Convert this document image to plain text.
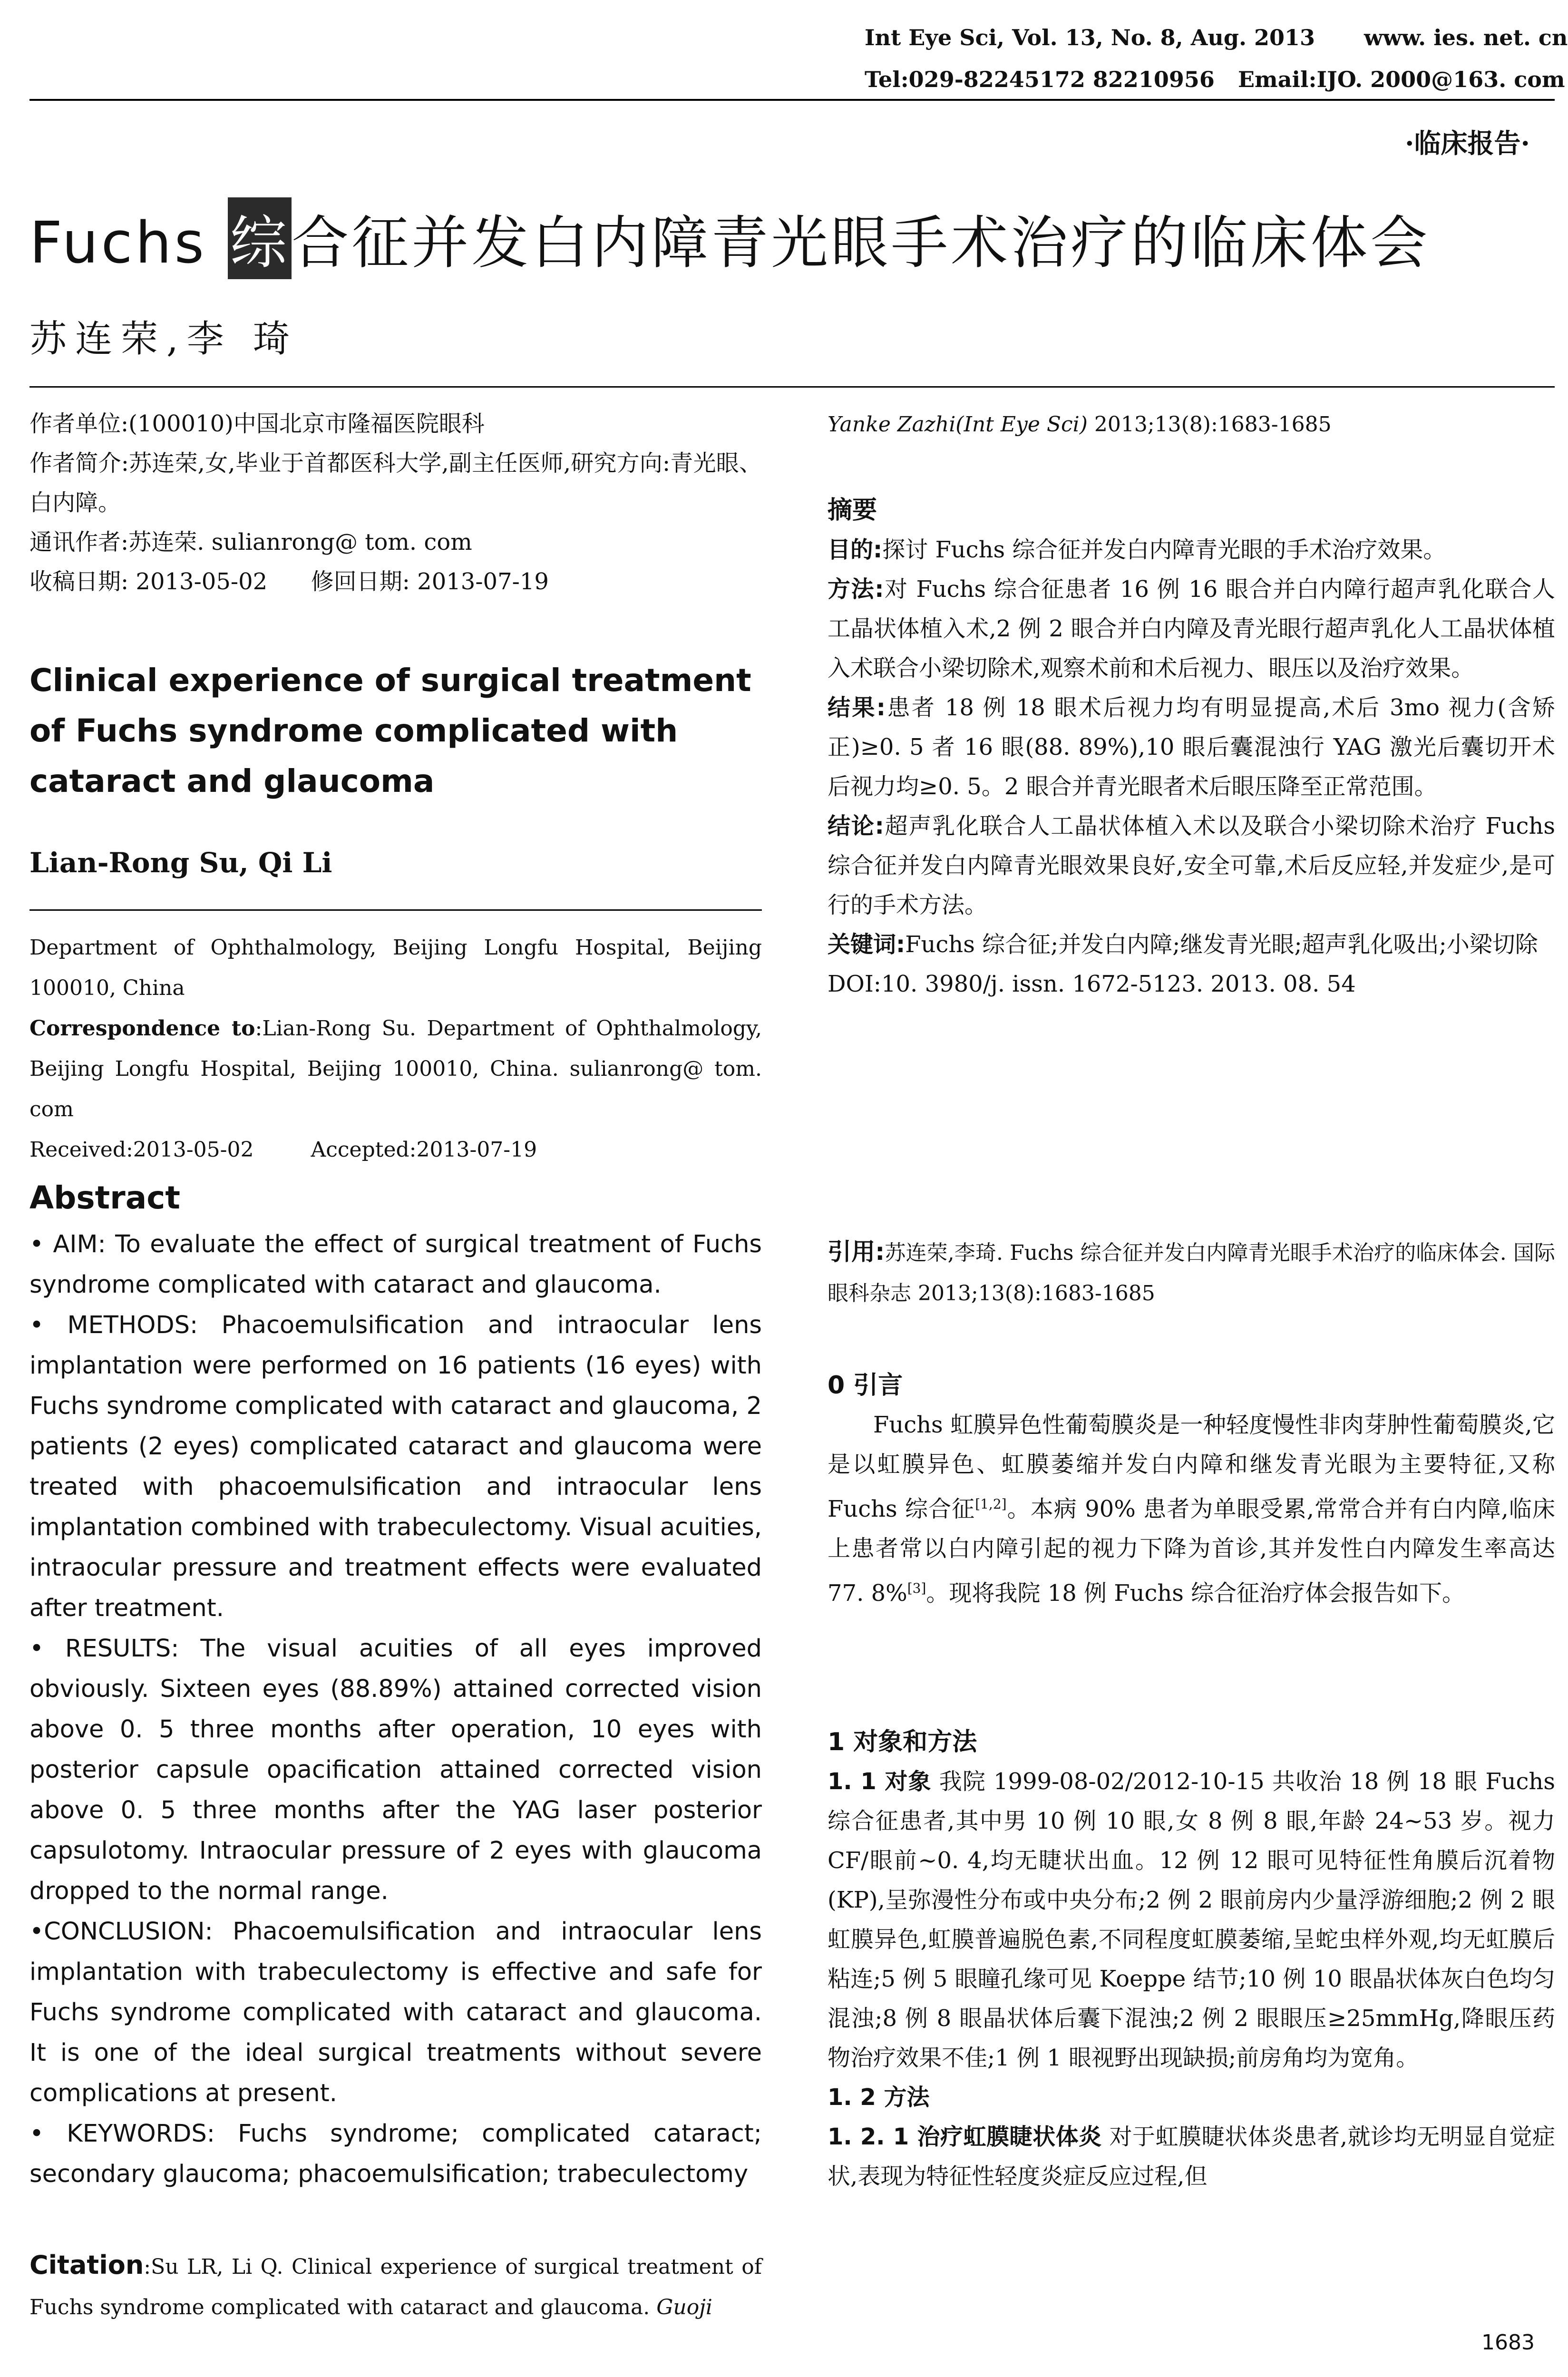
Int Eye Sci, Vol. 13, No. 8, Aug. 2013 www. ies. net. cn
Tel:029-82245172 82210956 Email:IJO. 2000@163. com
·临床报告·
Fuchs 综合征并发白内障青光眼手术治疗的临床体会
苏连荣,李 琦

作者单位:(100010)中国北京市隆福医院眼科

作者简介:苏连荣,女,毕业于首都医科大学,副主任医师,研究方向:青光眼、白内障。

通讯作者:苏连荣. sulianrong@ tom. com

收稿日期: 2013-05-02      修回日期: 2013-07-19

Clinical experience of surgical treatment of Fuchs syndrome complicated with cataract and glaucoma
Lian-Rong Su, Qi Li

Department of Ophthalmology, Beijing Longfu Hospital, Beijing 100010, China

Correspondence to:Lian-Rong Su. Department of Ophthalmology, Beijing Longfu Hospital, Beijing 100010, China. sulianrong@ tom. com

Received:2013-05-02	Accepted:2013-07-19

Abstract

• AIM: To evaluate the effect of surgical treatment of Fuchs syndrome complicated with cataract and glaucoma.

• METHODS: Phacoemulsification and intraocular lens implantation were performed on 16 patients (16 eyes) with Fuchs syndrome complicated with cataract and glaucoma, 2 patients (2 eyes) complicated cataract and glaucoma were treated with phacoemulsification and intraocular lens implantation combined with trabeculectomy. Visual acuities, intraocular pressure and treatment effects were evaluated after treatment.

• RESULTS: The visual acuities of all eyes improved obviously. Sixteen eyes (88.89%) attained corrected vision above 0. 5 three months after operation, 10 eyes with posterior capsule opacification attained corrected vision above 0. 5 three months after the YAG laser posterior capsulotomy. Intraocular pressure of 2 eyes with glaucoma dropped to the normal range.

•CONCLUSION: Phacoemulsification and intraocular lens implantation with trabeculectomy is effective and safe for Fuchs syndrome complicated with cataract and glaucoma. It is one of the ideal surgical treatments without severe complications at present.

• KEYWORDS: Fuchs syndrome; complicated cataract; secondary glaucoma; phacoemulsification; trabeculectomy

Citation:Su LR, Li Q. Clinical experience of surgical treatment of Fuchs syndrome complicated with cataract and glaucoma. Guoji

Yanke Zazhi(Int Eye Sci) 2013;13(8):1683-1685

摘要

目的:探讨 Fuchs 综合征并发白内障青光眼的手术治疗效果。

方法:对 Fuchs 综合征患者 16 例 16 眼合并白内障行超声乳化联合人工晶状体植入术,2 例 2 眼合并白内障及青光眼行超声乳化人工晶状体植入术联合小梁切除术,观察术前和术后视力、眼压以及治疗效果。

结果:患者 18 例 18 眼术后视力均有明显提高,术后 3mo 视力(含矫正)≥0. 5 者 16 眼(88. 89%),10 眼后囊混浊行 YAG 激光后囊切开术后视力均≥0. 5。2 眼合并青光眼者术后眼压降至正常范围。

结论:超声乳化联合人工晶状体植入术以及联合小梁切除术治疗 Fuchs 综合征并发白内障青光眼效果良好,安全可靠,术后反应轻,并发症少,是可行的手术方法。

关键词:Fuchs 综合征;并发白内障;继发青光眼;超声乳化吸出;小梁切除

DOI:10. 3980/j. issn. 1672-5123. 2013. 08. 54

引用:苏连荣,李琦. Fuchs 综合征并发白内障青光眼手术治疗的临床体会. 国际眼科杂志 2013;13(8):1683-1685

0 引言

Fuchs 虹膜异色性葡萄膜炎是一种轻度慢性非肉芽肿性葡萄膜炎,它是以虹膜异色、虹膜萎缩并发白内障和继发青光眼为主要特征,又称 Fuchs 综合征[1,2]。本病 90% 患者为单眼受累,常常合并有白内障,临床上患者常以白内障引起的视力下降为首诊,其并发性白内障发生率高达 77. 8%[3]。现将我院 18 例 Fuchs 综合征治疗体会报告如下。

1 对象和方法

1. 1 对象 我院 1999-08-02/2012-10-15 共收治 18 例 18 眼 Fuchs 综合征患者,其中男 10 例 10 眼,女 8 例 8 眼,年龄 24~53 岁。视力 CF/眼前~0. 4,均无睫状出血。12 例 12 眼可见特征性角膜后沉着物(KP),呈弥漫性分布或中央分布;2 例 2 眼前房内少量浮游细胞;2 例 2 眼虹膜异色,虹膜普遍脱色素,不同程度虹膜萎缩,呈蛇虫样外观,均无虹膜后粘连;5 例 5 眼瞳孔缘可见 Koeppe 结节;10 例 10 眼晶状体灰白色均匀混浊;8 例 8 眼晶状体后囊下混浊;2 例 2 眼眼压≥25mmHg,降眼压药物治疗效果不佳;1 例 1 眼视野出现缺损;前房角均为宽角。

1. 2 方法

1. 2. 1 治疗虹膜睫状体炎 对于虹膜睫状体炎患者,就诊均无明显自觉症状,表现为特征性轻度炎症反应过程,但

1683
